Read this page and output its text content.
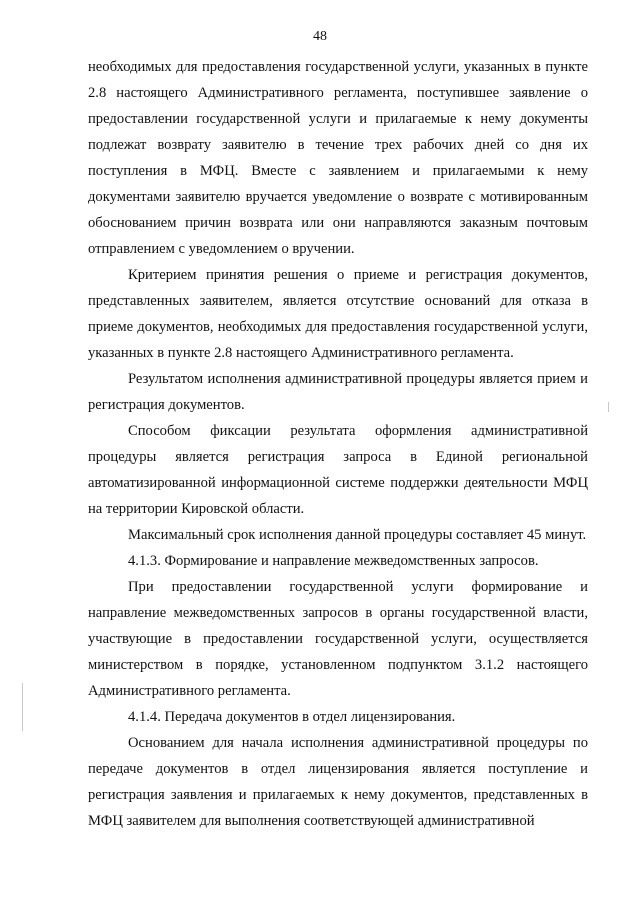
48

необходимых для предоставления государственной услуги, указанных в пункте 2.8 настоящего Административного регламента, поступившее заявление о предоставлении государственной услуги и прилагаемые к нему документы подлежат возврату заявителю в течение трех рабочих дней со дня их поступления в МФЦ. Вместе с заявлением и прилагаемыми к нему документами заявителю вручается уведомление о возврате с мотивированным обоснованием причин возврата или они направляются заказным почтовым отправлением с уведомлением о вручении.

Критерием принятия решения о приеме и регистрация документов, представленных заявителем, является отсутствие оснований для отказа в приеме документов, необходимых для предоставления государственной услуги, указанных в пункте 2.8 настоящего Административного регламента.

Результатом исполнения административной процедуры является прием и регистрация документов.

Способом фиксации результата оформления административной процедуры является регистрация запроса в Единой региональной автоматизированной информационной системе поддержки деятельности МФЦ на территории Кировской области.

Максимальный срок исполнения данной процедуры составляет 45 минут.

4.1.3. Формирование и направление межведомственных запросов.

При предоставлении государственной услуги формирование и направление межведомственных запросов в органы государственной власти, участвующие в предоставлении государственной услуги, осуществляется министерством в порядке, установленном подпунктом 3.1.2 настоящего Административного регламента.

4.1.4. Передача документов в отдел лицензирования.

Основанием для начала исполнения административной процедуры по передаче документов в отдел лицензирования является поступление и регистрация заявления и прилагаемых к нему документов, представленных в МФЦ заявителем для выполнения соответствующей административной
